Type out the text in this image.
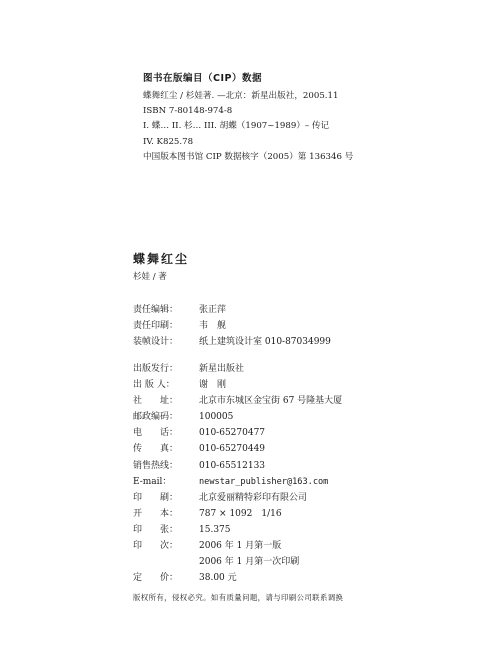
图书在版编目（CIP）数据
蝶舞红尘 / 杉娃著. —北京：新星出版社，2005.11
ISBN 7-80148-974-8
I. 蝶… II. 杉… III. 胡蝶（1907~1989）– 传记
IV. K825.78
中国版本图书馆 CIP 数据核字（2005）第 136346 号
蝶舞红尘
杉娃 / 著
责任编辑：	张正萍
责任印刷：	韦　舰
装帧设计：	纸上建筑设计室 010-87034999
出版发行：	新星出版社
出 版 人：	谢　刚
社　　址：	北京市东城区金宝街 67 号隆基大厦
邮政编码：	100005
电　　话：	010-65270477
传　　真：	010-65270449
销售热线：	010-65512133
E-mail：	newstar_publisher@163.com
印　　刷：	北京爱丽精特彩印有限公司
开　　本：	787 × 1092　1/16
印　　张：	15.375
印　　次：	2006 年 1 月第一版
2006 年 1 月第一次印刷
定　　价：	38.00 元
版权所有，侵权必究。如有质量问题，请与印刷公司联系调换
